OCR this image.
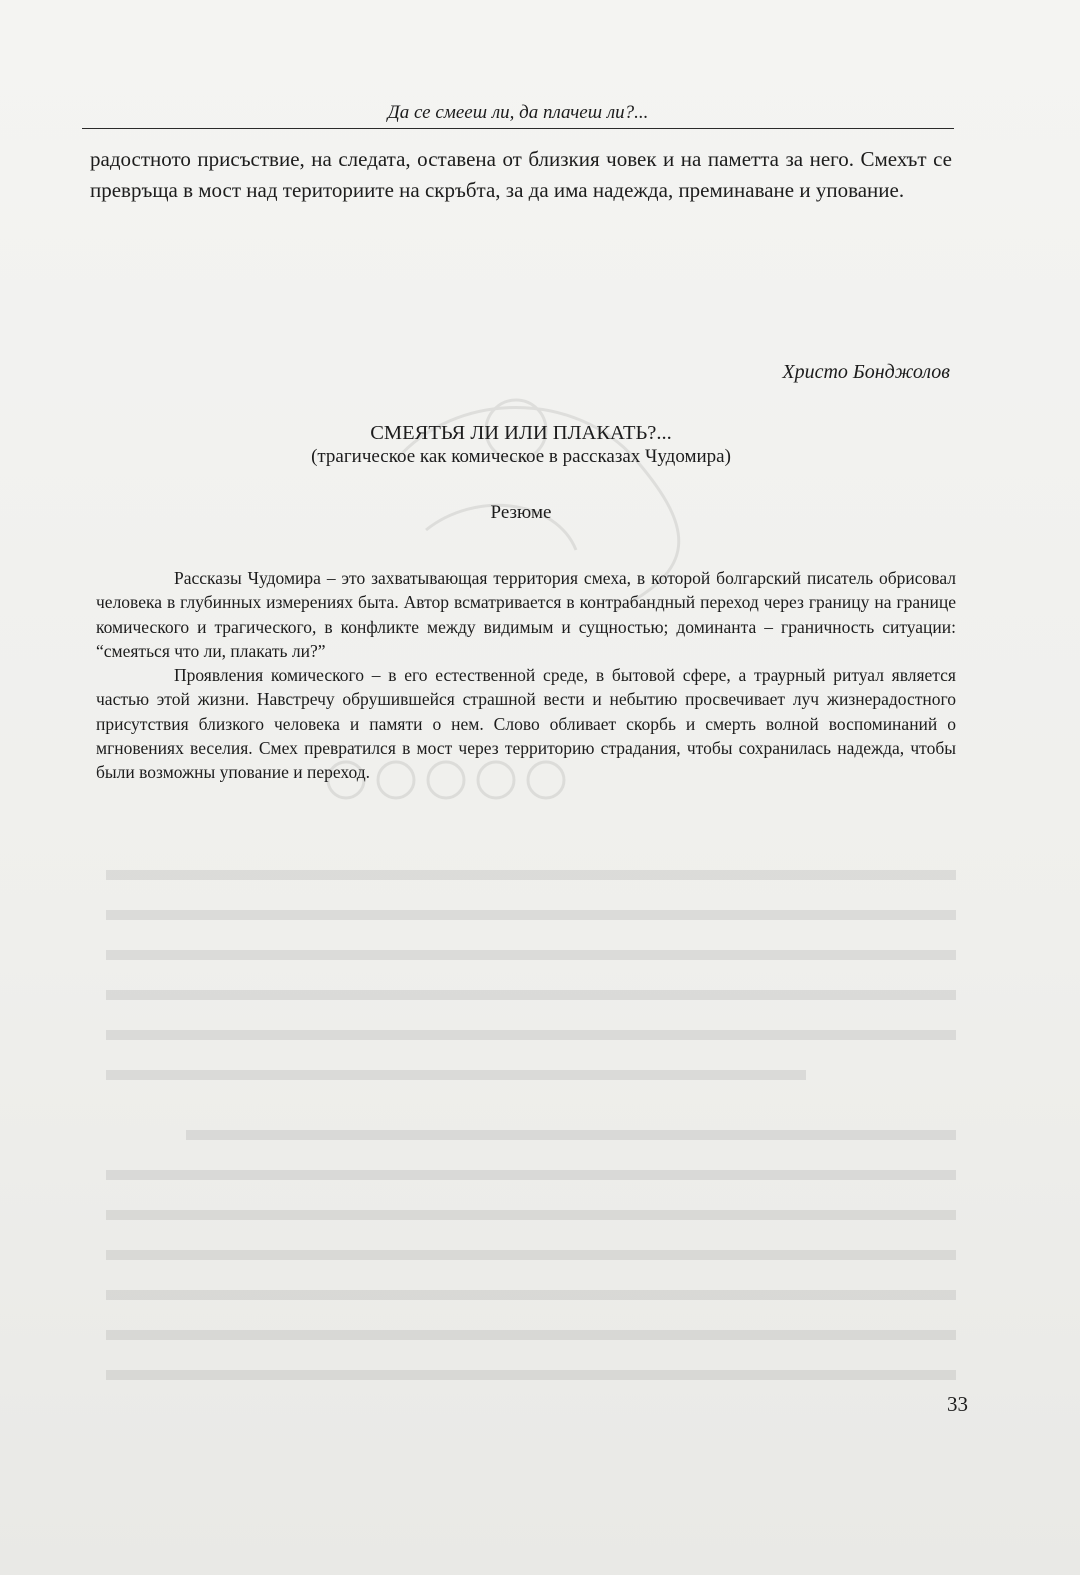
Да се смееш ли, да плачеш ли?...

радостното присъствие, на следата, оставена от близкия човек и на паметта за него. Смехът се превръща в мост над териториите на скръбта, за да има надежда, преминаване и упование.

Христо Бонджолов
СМЕЯТЬЯ ЛИ ИЛИ ПЛАКАТЬ?...
(трагическое как комическое в рассказах Чудомира)
Резюме

Рассказы Чудомира – это захватывающая территория смеха, в которой болгарский писатель обрисовал человека в глубинных измерениях быта. Автор всматривается в контрабандный переход через границу на границе комического и трагического, в конфликте между видимым и сущностью; доминанта – граничность ситуации: “смеяться что ли, плакать ли?”

Проявления комического – в его естественной среде, в бытовой сфере, а траурный ритуал является частью этой жизни. Навстречу обрушившейся страшной вести и небытию просвечивает луч жизнерадостного присутствия близкого человека и памяти о нем. Слово обливает скорбь и смерть волной воспоминаний о мгновениях веселия. Смех превратился в мост через территорию страдания, чтобы сохранилась надежда, чтобы были возможны упование и переход.

33
